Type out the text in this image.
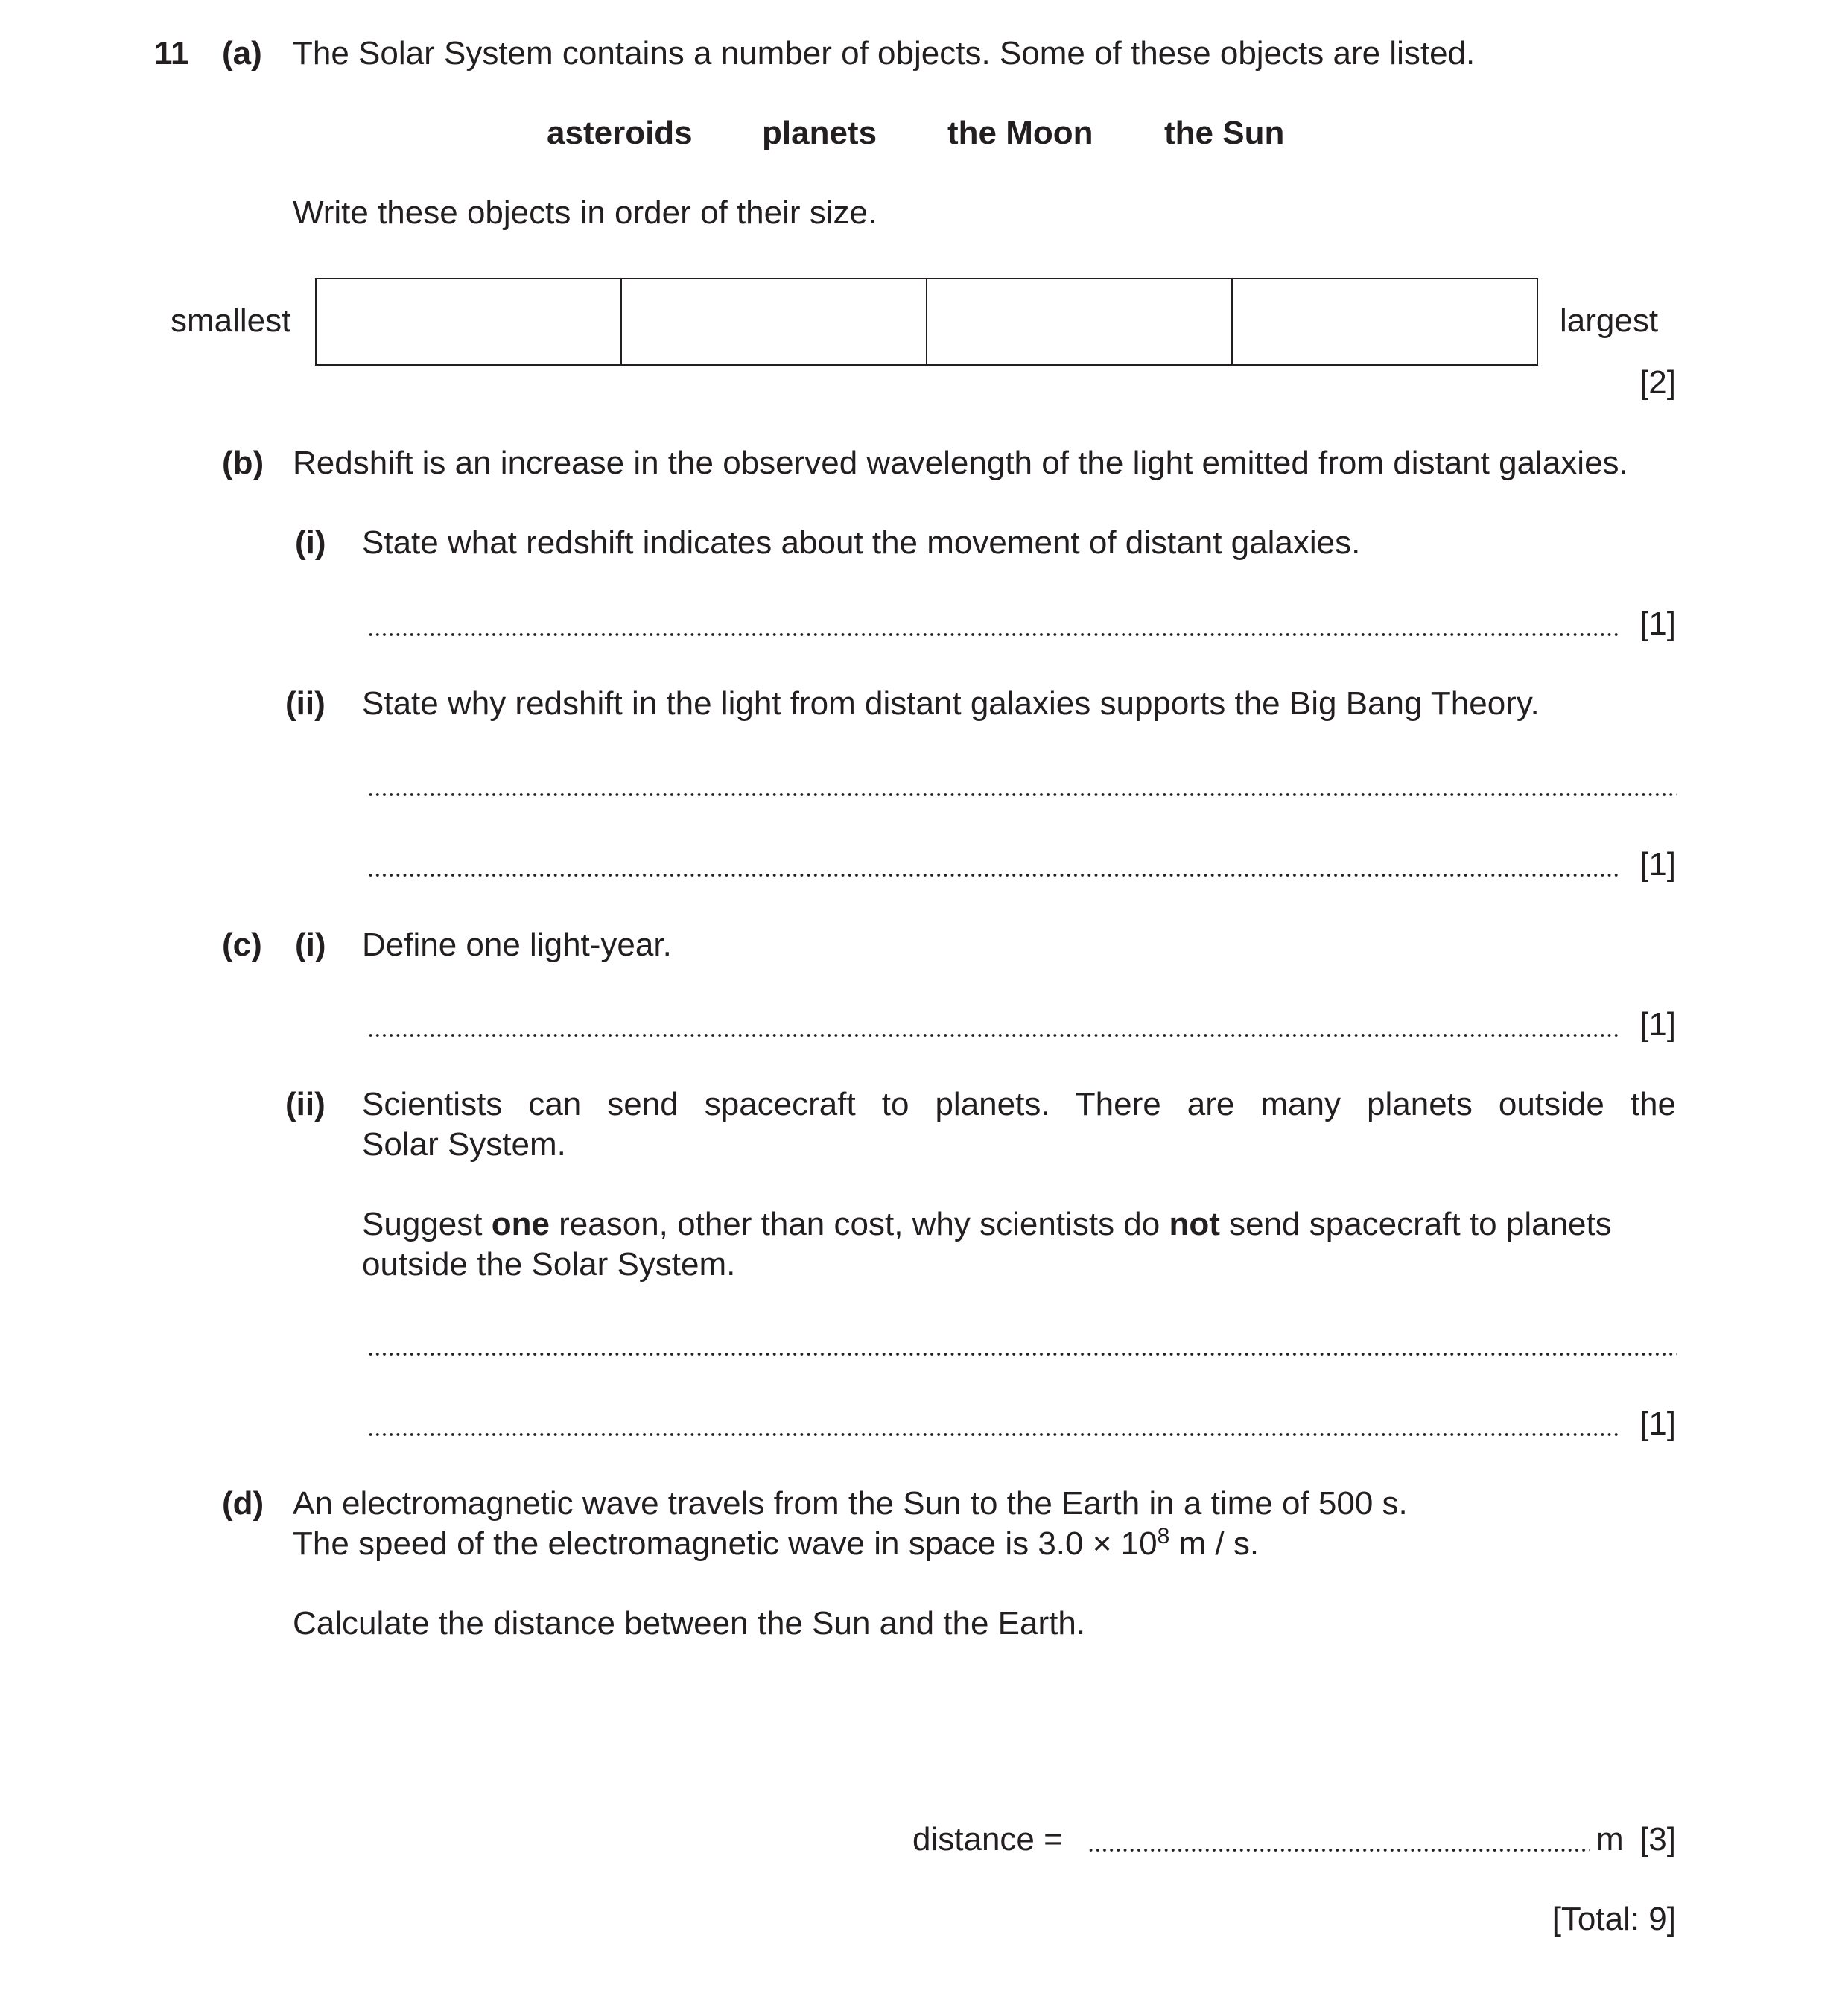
11 (a) The Solar System contains a number of objects. Some of these objects are listed.
asteroids planets the Moon the Sun
Write these objects in order of their size.
smallest
				largest
[2]
(b) Redshift is an increase in the observed wavelength of the light emitted from distant galaxies.
(i) State what redshift indicates about the movement of distant galaxies.
[1]
(ii) State why redshift in the light from distant galaxies supports the Big Bang Theory.
[1]
(c) (i) Define one light-year.
[1]
(ii) Scientists can send spacecraft to planets. There are many planets outside the
Solar System.
Suggest one reason, other than cost, why scientists do not send spacecraft to planets
outside the Solar System.
[1]
(d) An electromagnetic wave travels from the Sun to the Earth in a time of 500 s.
The speed of the electromagnetic wave in space is $3.0 \times 10^8$ m / s.
Calculate the distance between the Sun and the Earth.
distance =	m [3]
[Total: 9]
